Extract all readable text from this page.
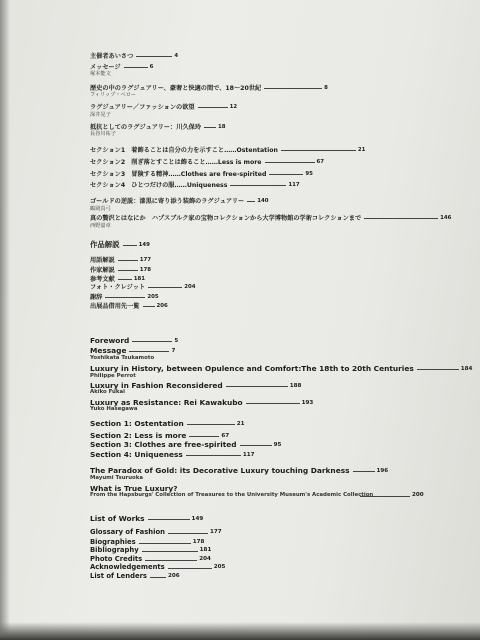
主催者あいさつ	4
メッセージ	6
塚本能文
歴史の中のラグジュアリー、豪奢と快適の間で、18～20世紀	8
フィリップ・ペロー
ラグジュアリー／ファッションの欲望	12
深井晃子
抵抗としてのラグジュアリー：川久保玲	18
長谷川祐子
セクション1　着飾ることは自分の力を示すこと……Ostentation	21
セクション2　削ぎ落とすことは飾ること……Less is more	67
セクション3　冒険する精神……Clothes are free-spirited	95
セクション4　ひとつだけの服……Uniqueness	117
ゴールドの逆説：漆黒に寄り添う装飾のラグジュアリー 140
鶴岡真弓
真の贅沢とはなにか　ハプスブルク家の宝物コレクションから大学博物館の学術コレクションまで	146
西野嘉章
作品解説	149
用語解説	177
作家解説	178
参考文献	181
フォト・クレジット	204
謝辞	205
出展品借用先一覧	206
Foreword	5
Message	7
Yoshikata Tsukamoto
Luxury in History, between Opulence and Comfort:The 18th to 20th Centuries	184
Philippe Perrot
Luxury in Fashion Reconsidered	188
Akiko Fukai
Luxury as Resistance: Rei Kawakubo	193
Yuko Hasegawa
Section 1: Ostentation	21
Section 2: Less is more	67
Section 3: Clothes are free-spirited	95
Section 4: Uniqueness	117
The Paradox of Gold: its Decorative Luxury touching Darkness	196
Mayumi Tsuruoka
What is True Luxury?
From the Hapsburgs' Collection of Treasures to the University Museum's Academic Collection	200
List of Works	149
Glossary of Fashion	177
Biographies	178
Bibliography	181
Photo Credits	204
Acknowledgements	205
List of Lenders	206
